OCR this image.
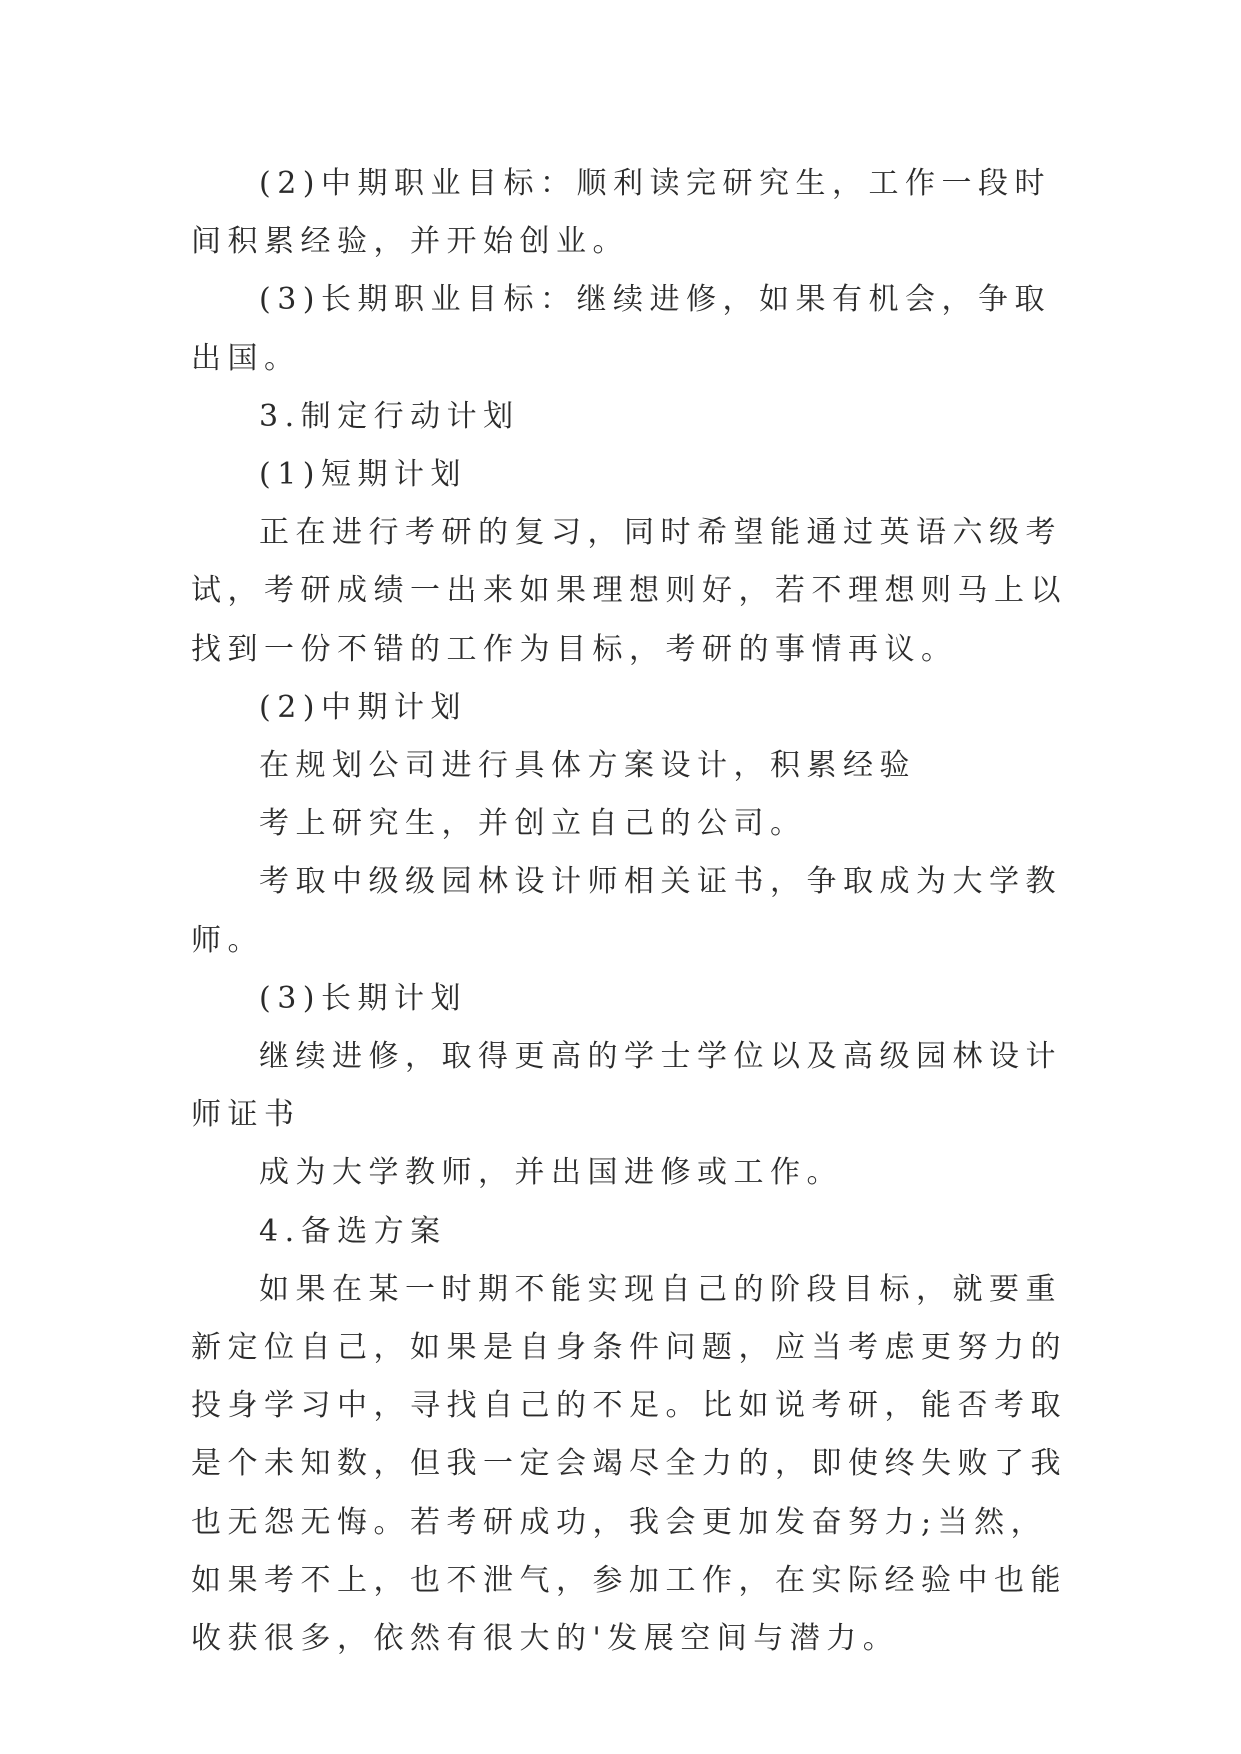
(2)中期职业目标：顺利读完研究生，工作一段时间积累经验，并开始创业。

(3)长期职业目标：继续进修，如果有机会，争取出国。

3.制定行动计划

(1)短期计划

正在进行考研的复习，同时希望能通过英语六级考试，考研成绩一出来如果理想则好，若不理想则马上以找到一份不错的工作为目标，考研的事情再议。

(2)中期计划

在规划公司进行具体方案设计，积累经验

考上研究生，并创立自己的公司。

考取中级级园林设计师相关证书，争取成为大学教师。

(3)长期计划

继续进修，取得更高的学士学位以及高级园林设计师证书

成为大学教师，并出国进修或工作。

4.备选方案

如果在某一时期不能实现自己的阶段目标，就要重新定位自己，如果是自身条件问题，应当考虑更努力的投身学习中，寻找自己的不足。比如说考研，能否考取是个未知数，但我一定会竭尽全力的，即使终失败了我也无怨无悔。若考研成功，我会更加发奋努力;当然，如果考不上，也不泄气，参加工作，在实际经验中也能收获很多，依然有很大的'发展空间与潜力。
